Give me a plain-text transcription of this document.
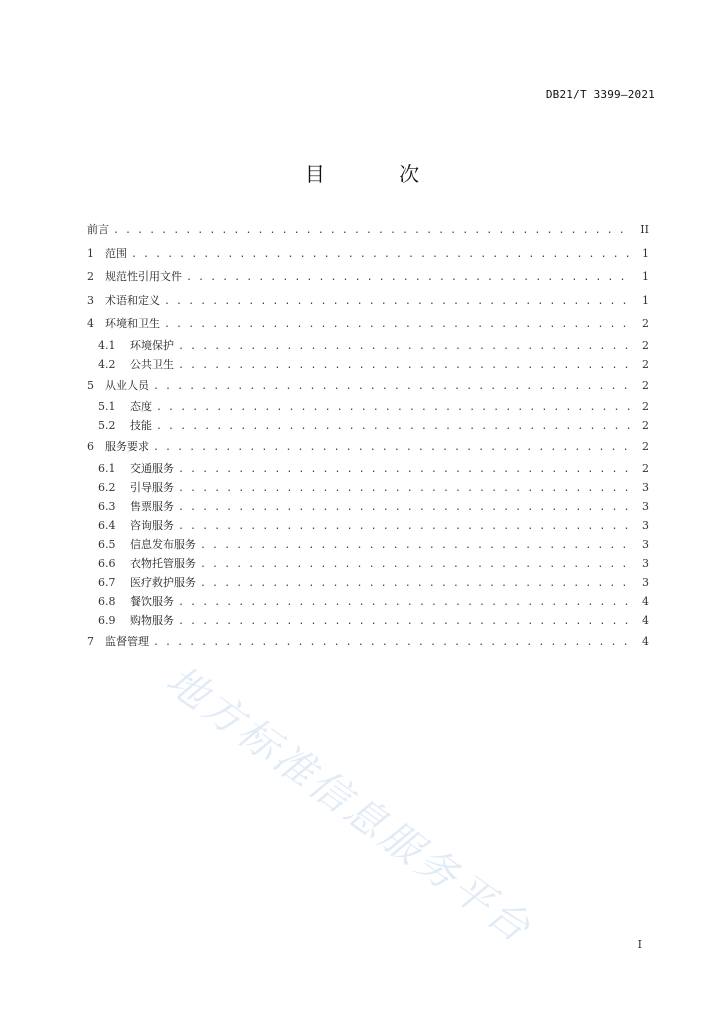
DB21/T 3399—2021
目 次
前言 . . .	II
1	范围 . . .	1
2	规范性引用文件 . . .	1
3	术语和定义 . . .	1
4	环境和卫生 . . .	2
4.1	环境保护 . . .	2
4.2	公共卫生 . . .	2
5	从业人员 . . .	2
5.1	态度 . . .	2
5.2	技能 . . .	2
6	服务要求 . . .	2
6.1	交通服务 . . .	2
6.2	引导服务 . . .	3
6.3	售票服务 . . .	3
6.4	咨询服务 . . .	3
6.5	信息发布服务 . . .	3
6.6	衣物托管服务 . . .	3
6.7	医疗救护服务 . . .	3
6.8	餐饮服务 . . .	4
6.9	购物服务 . . .	4
7	监督管理 . . .	4
地方标准信息服务平台	I
